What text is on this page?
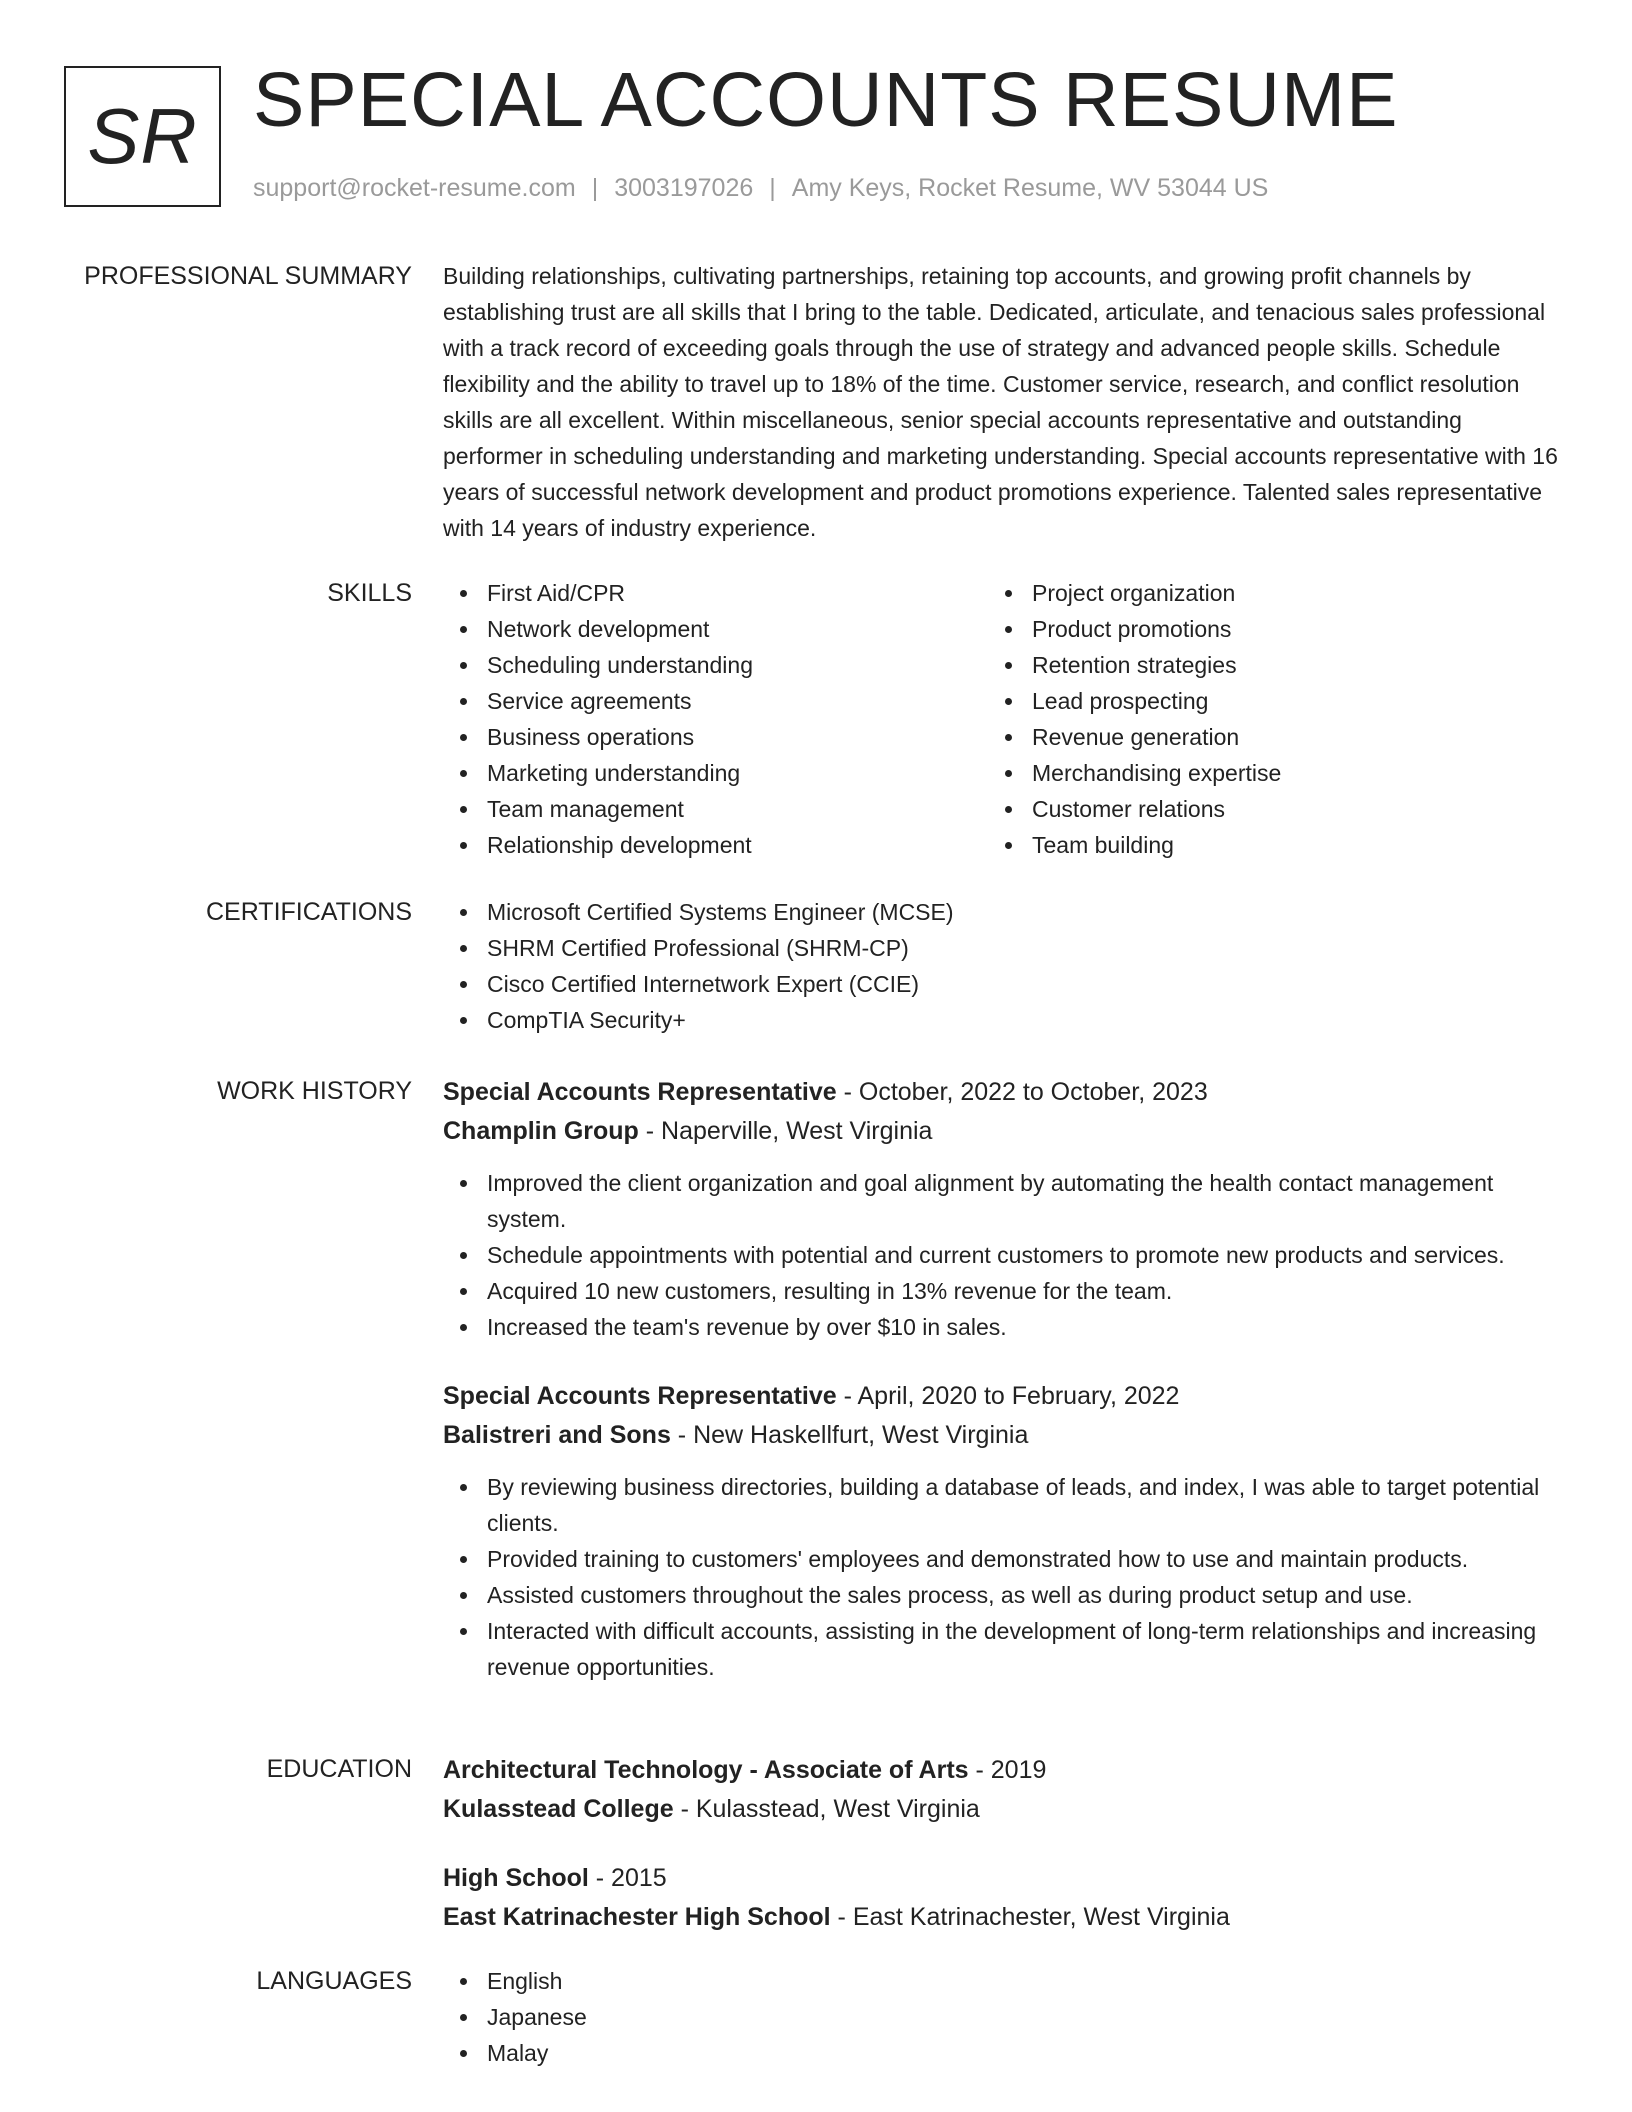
SR SPECIAL ACCOUNTS RESUME
support@rocket-resume.com | 3003197026 | Amy Keys, Rocket Resume, WV 53044 US
PROFESSIONAL SUMMARY Building relationships, cultivating partnerships, retaining top accounts, and growing profit channels by establishing trust are all skills that I bring to the table. Dedicated, articulate, and tenacious sales professional with a track record of exceeding goals through the use of strategy and advanced people skills. Schedule flexibility and the ability to travel up to 18% of the time. Customer service, research, and conflict resolution skills are all excellent. Within miscellaneous, senior special accounts representative and outstanding performer in scheduling understanding and marketing understanding. Special accounts representative with 16 years of successful network development and product promotions experience. Talented sales representative with 14 years of industry experience.

SKILLS	First Aid/CPR
Network development
Scheduling understanding
Service agreements
Business operations
Marketing understanding
Team management
Relationship development
Project organization
Product promotions
Retention strategies
Lead prospecting
Revenue generation
Merchandising expertise
Customer relations
Team building
CERTIFICATIONS	Microsoft Certified Systems Engineer (MCSE)
SHRM Certified Professional (SHRM-CP)
Cisco Certified Internetwork Expert (CCIE)
CompTIA Security+
WORK HISTORY Special Accounts Representative - October, 2022 to October, 2023
Champlin Group - Naperville, West Virginia
Improved the client organization and goal alignment by automating the health contact management system.
Schedule appointments with potential and current customers to promote new products and services.
Acquired 10 new customers, resulting in 13% revenue for the team.
Increased the team's revenue by over $10 in sales.
Special Accounts Representative - April, 2020 to February, 2022
Balistreri and Sons - New Haskellfurt, West Virginia
By reviewing business directories, building a database of leads, and index, I was able to target potential clients.
Provided training to customers' employees and demonstrated how to use and maintain products.
Assisted customers throughout the sales process, as well as during product setup and use.
Interacted with difficult accounts, assisting in the development of long-term relationships and increasing revenue opportunities.
EDUCATION Architectural Technology - Associate of Arts - 2019
Kulasstead College - Kulasstead, West Virginia
High School - 2015
East Katrinachester High School - East Katrinachester, West Virginia
LANGUAGES	English
Japanese
Malay
